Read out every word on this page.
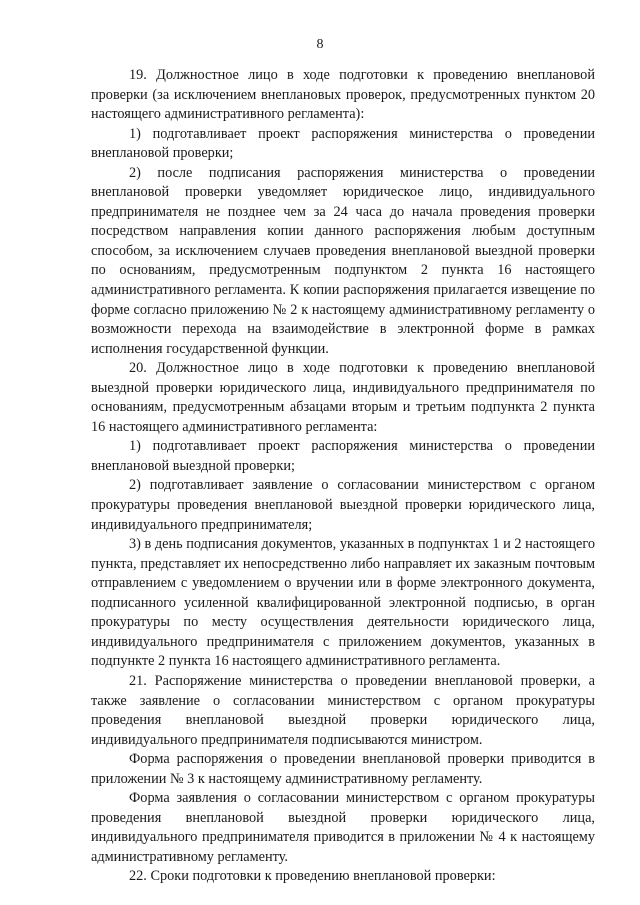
8

19. Должностное лицо в ходе подготовки к проведению внеплановой проверки (за исключением внеплановых проверок, предусмотренных пунктом 20 настоящего административного регламента):

1) подготавливает проект распоряжения министерства о проведении внеплановой проверки;

2) после подписания распоряжения министерства о проведении внеплановой проверки уведомляет юридическое лицо, индивидуального предпринимателя не позднее чем за 24 часа до начала проведения проверки посредством направления копии данного распоряжения любым доступным способом, за исключением случаев проведения внеплановой выездной проверки по основаниям, предусмотренным подпунктом 2 пункта 16 настоящего административного регламента. К копии распоряжения прилагается извещение по форме согласно приложению № 2 к настоящему административному регламенту о возможности перехода на взаимодействие в электронной форме в рамках исполнения государственной функции.

20. Должностное лицо в ходе подготовки к проведению внеплановой выездной проверки юридического лица, индивидуального предпринимателя по основаниям, предусмотренным абзацами вторым и третьим подпункта 2 пункта 16 настоящего административного регламента:

1) подготавливает проект распоряжения министерства о проведении внеплановой выездной проверки;

2) подготавливает заявление о согласовании министерством с органом прокуратуры проведения внеплановой выездной проверки юридического лица, индивидуального предпринимателя;

3) в день подписания документов, указанных в подпунктах 1 и 2 настоящего пункта, представляет их непосредственно либо направляет их заказным почтовым отправлением с уведомлением о вручении или в форме электронного документа, подписанного усиленной квалифицированной электронной подписью, в орган прокуратуры по месту осуществления деятельности юридического лица, индивидуального предпринимателя с приложением документов, указанных в подпункте 2 пункта 16 настоящего административного регламента.

21. Распоряжение министерства о проведении внеплановой проверки, а также заявление о согласовании министерством с органом прокуратуры проведения внеплановой выездной проверки юридического лица, индивидуального предпринимателя подписываются министром.

Форма распоряжения о проведении внеплановой проверки приводится в приложении № 3 к настоящему административному регламенту.

Форма заявления о согласовании министерством с органом прокуратуры проведения внеплановой выездной проверки юридического лица, индивидуального предпринимателя приводится в приложении № 4 к настоящему административному регламенту.

22. Сроки подготовки к проведению внеплановой проверки:
